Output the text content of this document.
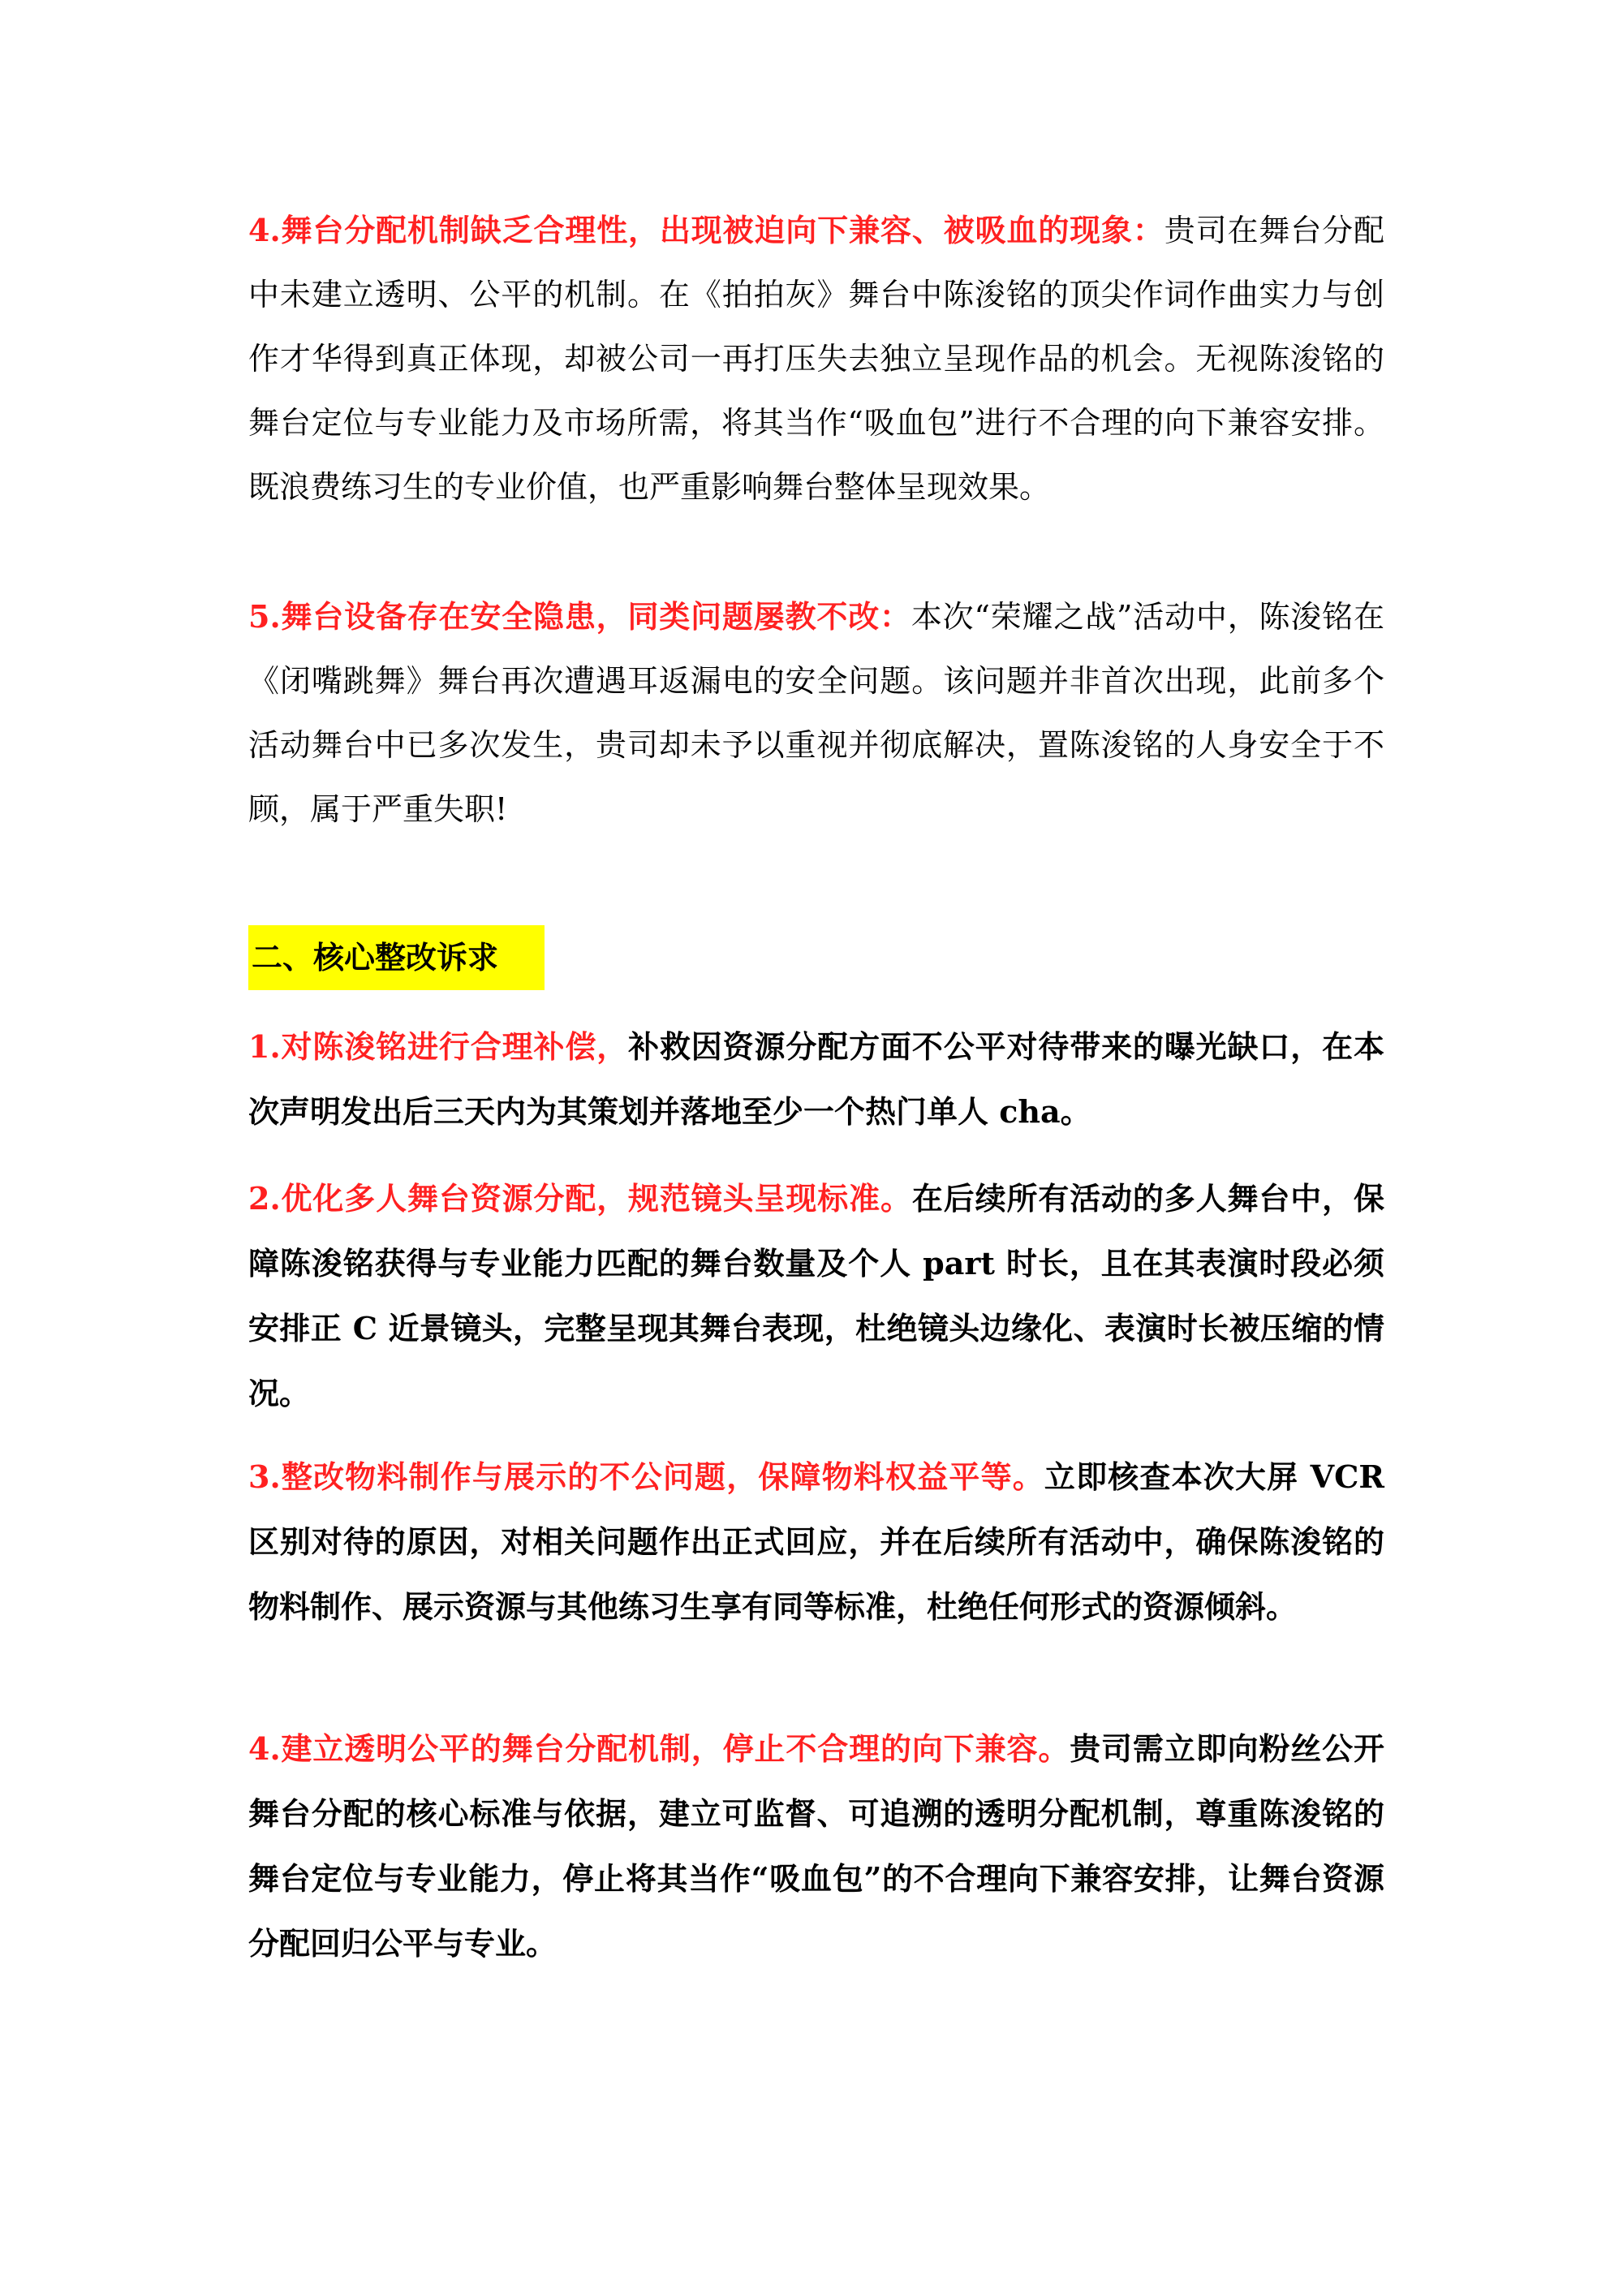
4.舞台分配机制缺乏合理性，出现被迫向下兼容、被吸血的现象：贵司在舞台分配中未建立透明、公平的机制。在《拍拍灰》舞台中陈浚铭的顶尖作词作曲实力与创作才华得到真正体现，却被公司一再打压失去独立呈现作品的机会。无视陈浚铭的舞台定位与专业能力及市场所需，将其当作“吸血包”进行不合理的向下兼容安排。既浪费练习生的专业价值，也严重影响舞台整体呈现效果。

5.舞台设备存在安全隐患，同类问题屡教不改：本次“荣耀之战”活动中，陈浚铭在《闭嘴跳舞》舞台再次遭遇耳返漏电的安全问题。该问题并非首次出现，此前多个活动舞台中已多次发生，贵司却未予以重视并彻底解决，置陈浚铭的人身安全于不顾，属于严重失职!

二、核心整改诉求

1.对陈浚铭进行合理补偿，补救因资源分配方面不公平对待带来的曝光缺口，在本次声明发出后三天内为其策划并落地至少一个热门单人 cha。

2.优化多人舞台资源分配，规范镜头呈现标准。在后续所有活动的多人舞台中，保障陈浚铭获得与专业能力匹配的舞台数量及个人 part 时长，且在其表演时段必须安排正 C 近景镜头，完整呈现其舞台表现，杜绝镜头边缘化、表演时长被压缩的情况。

3.整改物料制作与展示的不公问题，保障物料权益平等。立即核查本次大屏 VCR 区别对待的原因，对相关问题作出正式回应，并在后续所有活动中，确保陈浚铭的物料制作、展示资源与其他练习生享有同等标准，杜绝任何形式的资源倾斜。

4.建立透明公平的舞台分配机制，停止不合理的向下兼容。贵司需立即向粉丝公开舞台分配的核心标准与依据，建立可监督、可追溯的透明分配机制，尊重陈浚铭的舞台定位与专业能力，停止将其当作“吸血包”的不合理向下兼容安排，让舞台资源分配回归公平与专业。
